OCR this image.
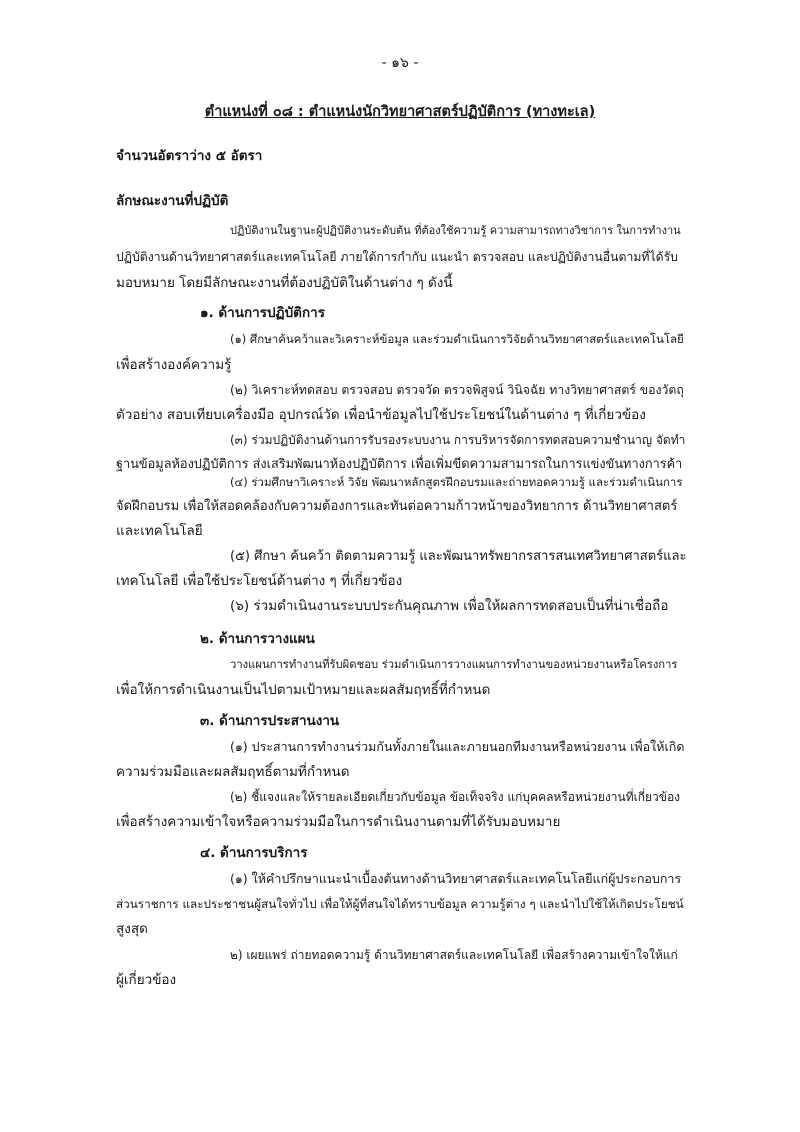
- ๑๖ -
ตำแหน่งที่ ๐๘ : ตำแหน่งนักวิทยาศาสตร์ปฏิบัติการ (ทางทะเล)
จำนวนอัตราว่าง ๕ อัตรา
ลักษณะงานที่ปฏิบัติ
ปฏิบัติงานในฐานะผู้ปฏิบัติงานระดับต้น ที่ต้องใช้ความรู้ ความสามารถทางวิชาการ ในการทำงาน
ปฏิบัติงานด้านวิทยาศาสตร์และเทคโนโลยี ภายใต้การกำกับ แนะนำ ตรวจสอบ และปฏิบัติงานอื่นตามที่ได้รับ
มอบหมาย โดยมีลักษณะงานที่ต้องปฏิบัติในด้านต่าง ๆ ดังนี้
๑. ด้านการปฏิบัติการ
(๑) ศึกษาค้นคว้าและวิเคราะห์ข้อมูล และร่วมดำเนินการวิจัยด้านวิทยาศาสตร์และเทคโนโลยี
เพื่อสร้างองค์ความรู้
(๒) วิเคราะห์ทดสอบ ตรวจสอบ ตรวจวัด ตรวจพิสูจน์ วินิจฉัย ทางวิทยาศาสตร์ ของวัตถุ
ตัวอย่าง สอบเทียบเครื่องมือ อุปกรณ์วัด เพื่อนำข้อมูลไปใช้ประโยชน์ในด้านต่าง ๆ ที่เกี่ยวข้อง
(๓) ร่วมปฏิบัติงานด้านการรับรองระบบงาน การบริหารจัดการทดสอบความชำนาญ จัดทำ
ฐานข้อมูลห้องปฏิบัติการ ส่งเสริมพัฒนาห้องปฏิบัติการ เพื่อเพิ่มขีดความสามารถในการแข่งขันทางการค้า
(๔) ร่วมศึกษาวิเคราะห์ วิจัย พัฒนาหลักสูตรฝึกอบรมและถ่ายทอดความรู้ และร่วมดำเนินการ
จัดฝึกอบรม เพื่อให้สอดคล้องกับความต้องการและทันต่อความก้าวหน้าของวิทยาการ ด้านวิทยาศาสตร์
และเทคโนโลยี
(๕) ศึกษา ค้นคว้า ติดตามความรู้ และพัฒนาทรัพยากรสารสนเทศวิทยาศาสตร์และ
เทคโนโลยี เพื่อใช้ประโยชน์ด้านต่าง ๆ ที่เกี่ยวข้อง
(๖) ร่วมดำเนินงานระบบประกันคุณภาพ เพื่อให้ผลการทดสอบเป็นที่น่าเชื่อถือ
๒. ด้านการวางแผน
วางแผนการทำงานที่รับผิดชอบ ร่วมดำเนินการวางแผนการทำงานของหน่วยงานหรือโครงการ
เพื่อให้การดำเนินงานเป็นไปตามเป้าหมายและผลสัมฤทธิ์ที่กำหนด
๓. ด้านการประสานงาน
(๑) ประสานการทำงานร่วมกันทั้งภายในและภายนอกทีมงานหรือหน่วยงาน เพื่อให้เกิด
ความร่วมมือและผลสัมฤทธิ์ตามที่กำหนด
(๒) ชี้แจงและให้รายละเอียดเกี่ยวกับข้อมูล ข้อเท็จจริง แก่บุคคลหรือหน่วยงานที่เกี่ยวข้อง
เพื่อสร้างความเข้าใจหรือความร่วมมือในการดำเนินงานตามที่ได้รับมอบหมาย
๔. ด้านการบริการ
(๑) ให้คำปรึกษาแนะนำเบื้องต้นทางด้านวิทยาศาสตร์และเทคโนโลยีแก่ผู้ประกอบการ
ส่วนราชการ และประชาชนผู้สนใจทั่วไป เพื่อให้ผู้ที่สนใจได้ทราบข้อมูล ความรู้ต่าง ๆ และนำไปใช้ให้เกิดประโยชน์
สูงสุด
๒) เผยแพร่ ถ่ายทอดความรู้ ด้านวิทยาศาสตร์และเทคโนโลยี เพื่อสร้างความเข้าใจให้แก่
ผู้เกี่ยวข้อง
